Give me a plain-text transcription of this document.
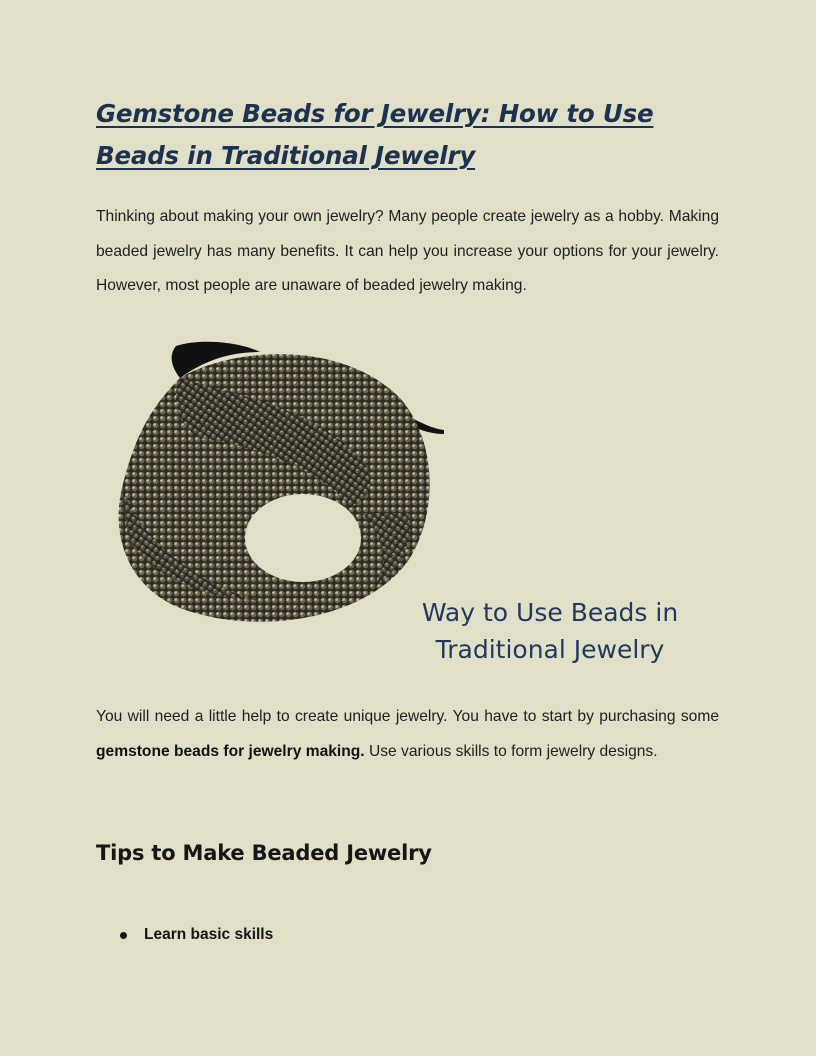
Gemstone Beads for Jewelry: How to Use Beads in Traditional Jewelry

Thinking about making your own jewelry? Many people create jewelry as a hobby. Making beaded jewelry has many benefits. It can help you increase your options for your jewelry. However, most people are unaware of beaded jewelry making.

Way to Use Beads in
Traditional Jewelry

You will need a little help to create unique jewelry. You have to start by purchasing some gemstone beads for jewelry making. Use various skills to form jewelry designs.

Tips to Make Beaded Jewelry
Learn basic skills
